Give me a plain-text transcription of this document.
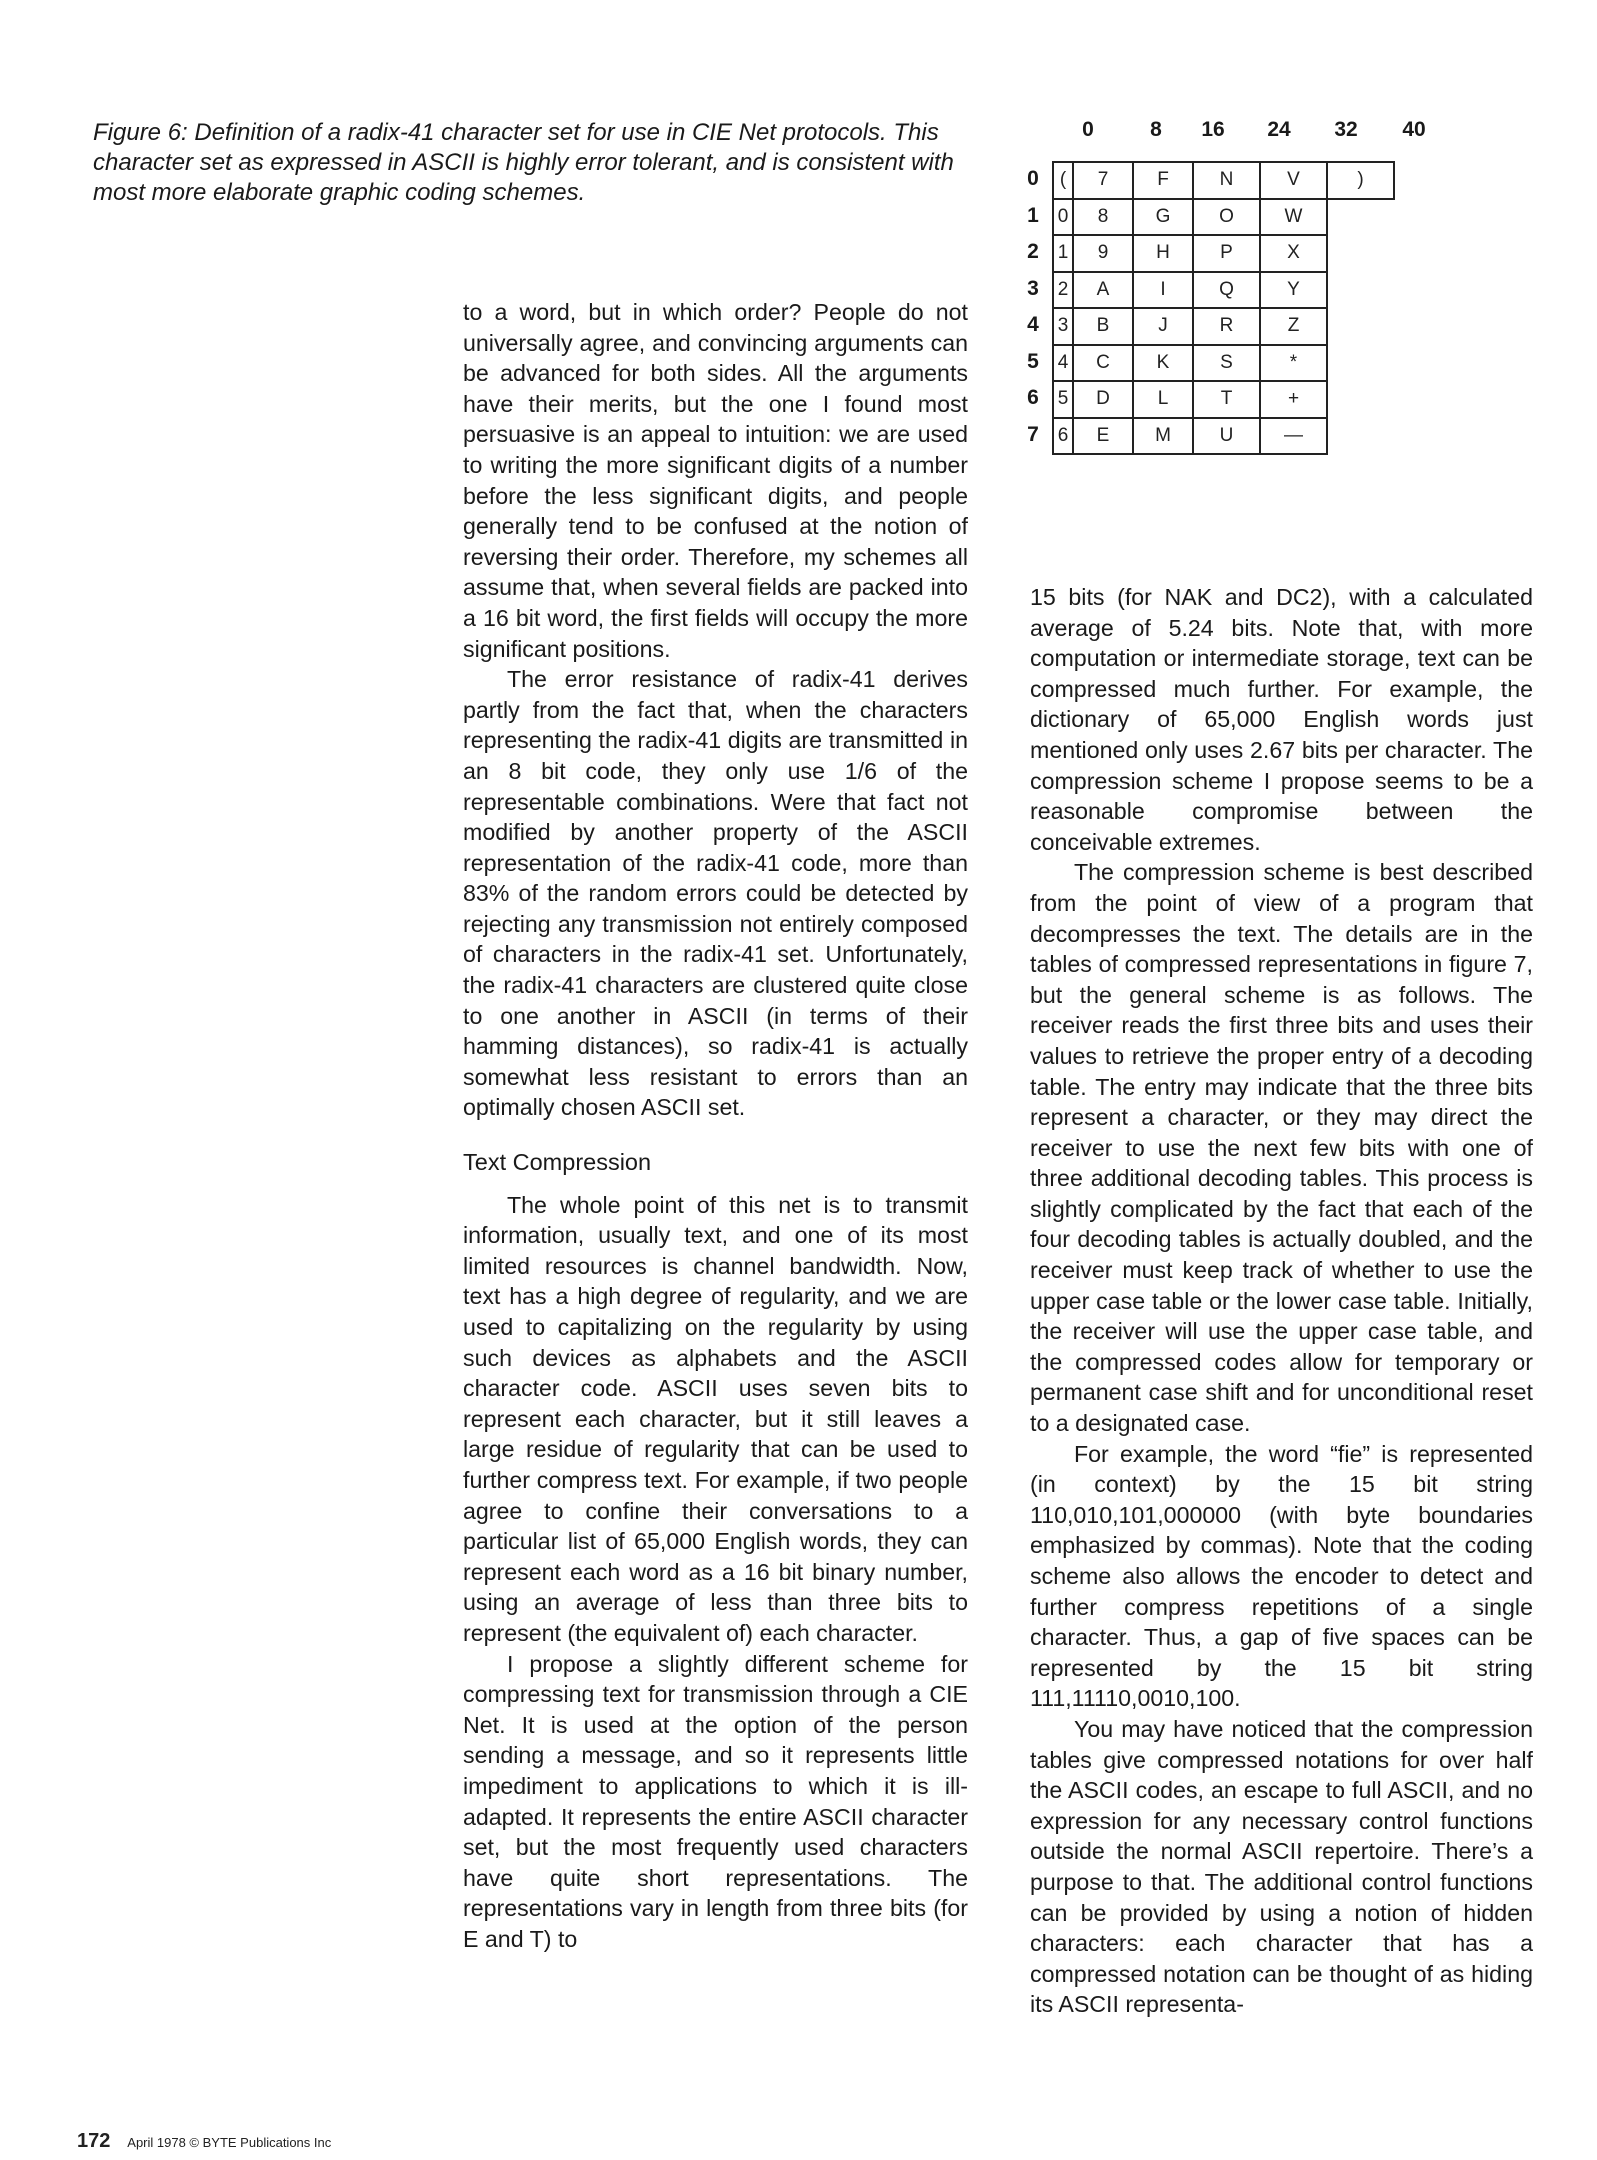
Figure 6: Definition of a radix-41 character set for use in CIE Net protocols. This character set as expressed in ASCII is highly error tolerant, and is consistent with most more elaborate graphic coding schemes.
0	8 16 24 32 40
0	(	7	F	N	V	)
1 0	8	G	O	W
2 1	9	H	P	X
3 2	A	I	Q	Y
4 3	B	J	R	Z
5 4	C	K	S	*
6 5	D	L	T	+
7 6	E	M	U	—

to a word, but in which order? People do not universally agree, and convincing arguments can be advanced for both sides. All the arguments have their merits, but the one I found most persuasive is an appeal to intuition: we are used to writing the more significant digits of a number before the less significant digits, and people generally tend to be confused at the notion of reversing their order. Therefore, my schemes all assume that, when several fields are packed into a 16 bit word, the first fields will occupy the more significant positions.

The error resistance of radix-41 derives partly from the fact that, when the characters representing the radix-41 digits are transmitted in an 8 bit code, they only use 1/6 of the representable combinations. Were that fact not modified by another property of the ASCII representation of the radix-41 code, more than 83% of the random errors could be detected by rejecting any transmission not entirely composed of characters in the radix-41 set. Unfortunately, the radix-41 characters are clustered quite close to one another in ASCII (in terms of their hamming distances), so radix-41 is actually somewhat less resistant to errors than an optimally chosen ASCII set.

Text Compression

The whole point of this net is to transmit information, usually text, and one of its most limited resources is channel bandwidth. Now, text has a high degree of regularity, and we are used to capitalizing on the regularity by using such devices as alphabets and the ASCII character code. ASCII uses seven bits to represent each character, but it still leaves a large residue of regularity that can be used to further compress text. For example, if two people agree to confine their conversations to a particular list of 65,000 English words, they can represent each word as a 16 bit binary number, using an average of less than three bits to represent (the equivalent of) each character.

I propose a slightly different scheme for compressing text for transmission through a CIE Net. It is used at the option of the person sending a message, and so it represents little impediment to applications to which it is ill-adapted. It represents the entire ASCII character set, but the most frequently used characters have quite short representations. The representations vary in length from three bits (for E and T) to

15 bits (for NAK and DC2), with a calculated average of 5.24 bits. Note that, with more computation or intermediate storage, text can be compressed much further. For example, the dictionary of 65,000 English words just mentioned only uses 2.67 bits per character. The compression scheme I propose seems to be a reasonable compromise between the conceivable extremes.

The compression scheme is best described from the point of view of a program that decompresses the text. The details are in the tables of compressed representations in figure 7, but the general scheme is as follows. The receiver reads the first three bits and uses their values to retrieve the proper entry of a decoding table. The entry may indicate that the three bits represent a character, or they may direct the receiver to use the next few bits with one of three additional decoding tables. This process is slightly complicated by the fact that each of the four decoding tables is actually doubled, and the receiver must keep track of whether to use the upper case table or the lower case table. Initially, the receiver will use the upper case table, and the compressed codes allow for temporary or permanent case shift and for unconditional reset to a designated case.

For example, the word “fie” is represented (in context) by the 15 bit string 110,010,101,000000 (with byte boundaries emphasized by commas). Note that the coding scheme also allows the encoder to detect and further compress repetitions of a single character. Thus, a gap of five spaces can be represented by the 15 bit string 111,11110,0010,100.

You may have noticed that the compression tables give compressed notations for over half the ASCII codes, an escape to full ASCII, and no expression for any necessary control functions outside the normal ASCII repertoire. There’s a purpose to that. The additional control functions can be provided by using a notion of hidden characters: each character that has a compressed notation can be thought of as hiding its ASCII representa-

172 April 1978 © BYTE Publications Inc
